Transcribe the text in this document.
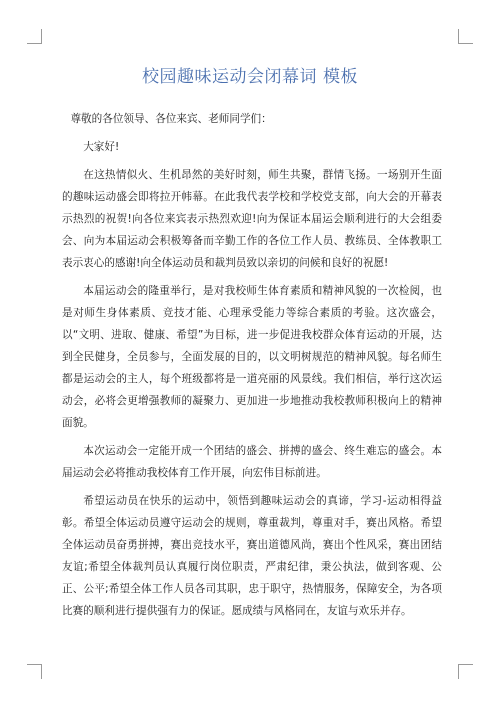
校园趣味运动会闭幕词 模板

尊敬的各位领导、各位来宾、老师同学们：

大家好!

在这热情似火、生机昂然的美好时刻，师生共聚，群情飞扬。一场别开生面的趣味运动盛会即将拉开帏幕。在此我代表学校和学校党支部，向大会的开幕表示热烈的祝贺!向各位来宾表示热烈欢迎!向为保证本届运会顺利进行的大会组委会、向为本届运动会积极筹备而辛勤工作的各位工作人员、教练员、全体教职工表示衷心的感谢!向全体运动员和裁判员致以亲切的问候和良好的祝愿!

本届运动会的隆重举行，是对我校师生体育素质和精神风貌的一次检阅，也是对师生身体素质、竞技才能、心理承受能力等综合素质的考验。这次盛会，以“文明、进取、健康、希望”为目标，进一步促进我校群众体育运动的开展，达到全民健身，全员参与，全面发展的目的，以文明树规范的精神风貌。每名师生都是运动会的主人，每个班级都将是一道亮丽的风景线。我们相信，举行这次运动会，必将会更增强教师的凝聚力、更加进一步地推动我校教师积极向上的精神面貌。

本次运动会一定能开成一个团结的盛会、拼搏的盛会、终生难忘的盛会。本届运动会必将推动我校体育工作开展，向宏伟目标前进。

希望运动员在快乐的运动中，领悟到趣味运动会的真谛，学习-运动相得益彰。希望全体运动员遵守运动会的规则，尊重裁判，尊重对手，赛出风格。希望全体运动员奋勇拼搏，赛出竞技水平，赛出道德风尚，赛出个性风采，赛出团结友谊;希望全体裁判员认真履行岗位职责，严肃纪律，秉公执法，做到客观、公正、公平;希望全体工作人员各司其职，忠于职守，热情服务，保障安全，为各项比赛的顺利进行提供强有力的保证。愿成绩与风格同在，友谊与欢乐并存。
